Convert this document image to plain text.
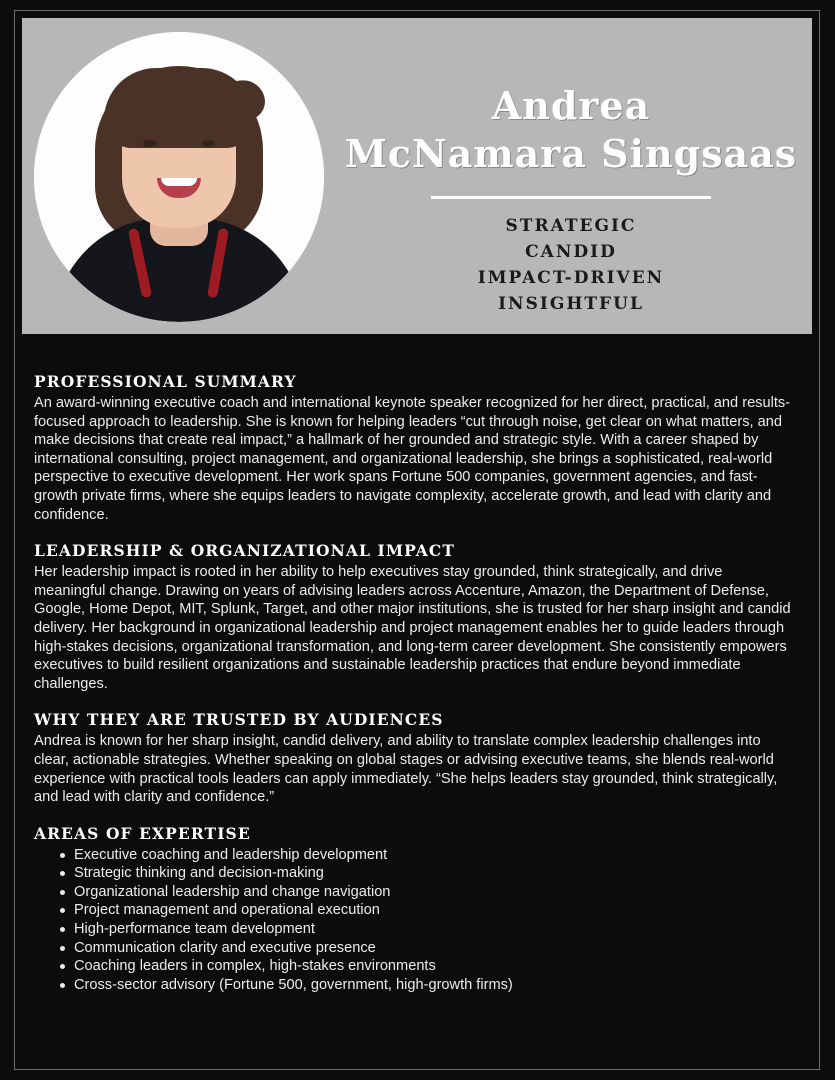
Andrea
McNamara Singsaas
STRATEGIC
CANDID
IMPACT-DRIVEN
INSIGHTFUL
PROFESSIONAL SUMMARY

An award-winning executive coach and international keynote speaker recognized for her direct, practical, and results-focused approach to leadership. She is known for helping leaders “cut through noise, get clear on what matters, and make decisions that create real impact,” a hallmark of her grounded and strategic style. With a career shaped by international consulting, project management, and organizational leadership, she brings a sophisticated, real-world perspective to executive development. Her work spans Fortune 500 companies, government agencies, and fast-growth private firms, where she equips leaders to navigate complexity, accelerate growth, and lead with clarity and confidence.

LEADERSHIP & ORGANIZATIONAL IMPACT

Her leadership impact is rooted in her ability to help executives stay grounded, think strategically, and drive meaningful change. Drawing on years of advising leaders across Accenture, Amazon, the Department of Defense, Google, Home Depot, MIT, Splunk, Target, and other major institutions, she is trusted for her sharp insight and candid delivery. Her background in organizational leadership and project management enables her to guide leaders through high-stakes decisions, organizational transformation, and long-term career development. She consistently empowers executives to build resilient organizations and sustainable leadership practices that endure beyond immediate challenges.

WHY THEY ARE TRUSTED BY AUDIENCES

Andrea is known for her sharp insight, candid delivery, and ability to translate complex leadership challenges into clear, actionable strategies. Whether speaking on global stages or advising executive teams, she blends real-world experience with practical tools leaders can apply immediately. “She helps leaders stay grounded, think strategically, and lead with clarity and confidence.”

AREAS OF EXPERTISE
Executive coaching and leadership development
Strategic thinking and decision-making
Organizational leadership and change navigation
Project management and operational execution
High-performance team development
Communication clarity and executive presence
Coaching leaders in complex, high-stakes environments
Cross-sector advisory (Fortune 500, government, high-growth firms)
